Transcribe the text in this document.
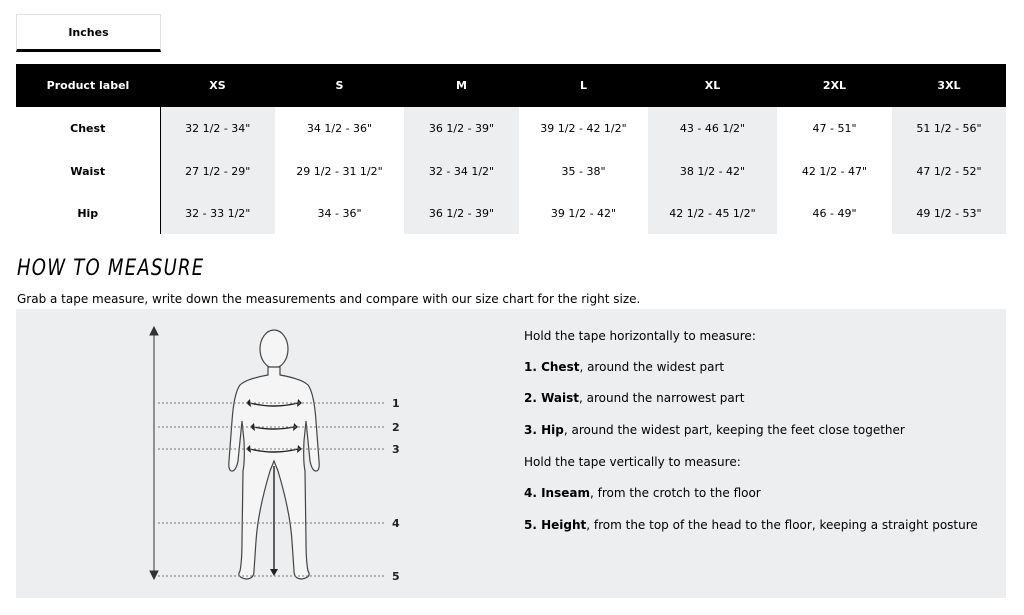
Inches
Product label	XS	S	M	L	XL	2XL	3XL
Chest	32 1/2 - 34"	34 1/2 - 36"	36 1/2 - 39"	39 1/2 - 42 1/2"	43 - 46 1/2"	47 - 51"	51 1/2 - 56"
Waist	27 1/2 - 29"	29 1/2 - 31 1/2"	32 - 34 1/2"	35 - 38"	38 1/2 - 42"	42 1/2 - 47"	47 1/2 - 52"
Hip	32 - 33 1/2"	34 - 36"	36 1/2 - 39"	39 1/2 - 42"	42 1/2 - 45 1/2"	46 - 49"	49 1/2 - 53"
HOW TO MEASURE

Grab a tape measure, write down the measurements and compare with our size chart for the right size.

1
2
3
4
5

Hold the tape horizontally to measure:

1. Chest, around the widest part

2. Waist, around the narrowest part

3. Hip, around the widest part, keeping the feet close together

Hold the tape vertically to measure:

4. Inseam, from the crotch to the floor

5. Height, from the top of the head to the floor, keeping a straight posture
